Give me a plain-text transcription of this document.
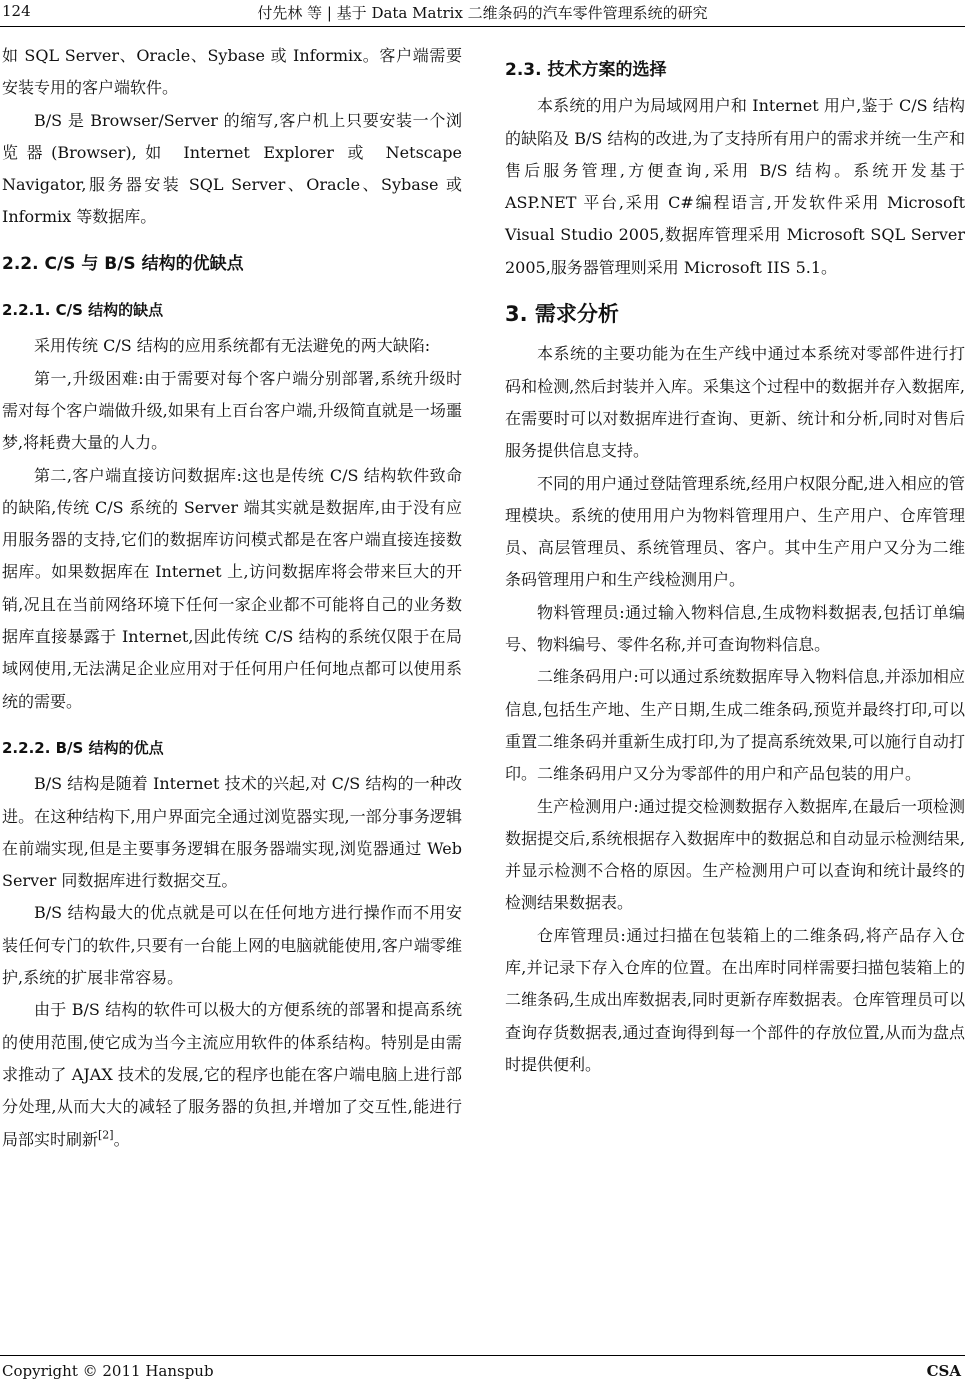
124	付先林 等 | 基于 Data Matrix 二维条码的汽车零件管理系统的研究

如 SQL Server、Oracle、Sybase 或 Informix。客户端需要安装专用的客户端软件。

B/S 是 Browser/Server 的缩写,客户机上只要安装一个浏览器(Browser),如 Internet Explorer 或 Netscape Navigator,服务器安装 SQL Server、Oracle、Sybase 或 Informix 等数据库。

2.2. C/S 与 B/S 结构的优缺点

2.2.1. C/S 结构的缺点

采用传统 C/S 结构的应用系统都有无法避免的两大缺陷:

第一,升级困难:由于需要对每个客户端分别部署,系统升级时需对每个客户端做升级,如果有上百台客户端,升级简直就是一场噩梦,将耗费大量的人力。

第二,客户端直接访问数据库:这也是传统 C/S 结构软件致命的缺陷,传统 C/S 系统的 Server 端其实就是数据库,由于没有应用服务器的支持,它们的数据库访问模式都是在客户端直接连接数据库。如果数据库在 Internet 上,访问数据库将会带来巨大的开销,况且在当前网络环境下任何一家企业都不可能将自己的业务数据库直接暴露于 Internet,因此传统 C/S 结构的系统仅限于在局域网使用,无法满足企业应用对于任何用户任何地点都可以使用系统的需要。

2.2.2. B/S 结构的优点

B/S 结构是随着 Internet 技术的兴起,对 C/S 结构的一种改进。在这种结构下,用户界面完全通过浏览器实现,一部分事务逻辑在前端实现,但是主要事务逻辑在服务器端实现,浏览器通过 Web Server 同数据库进行数据交互。

B/S 结构最大的优点就是可以在任何地方进行操作而不用安装任何专门的软件,只要有一台能上网的电脑就能使用,客户端零维护,系统的扩展非常容易。

由于 B/S 结构的软件可以极大的方便系统的部署和提高系统的使用范围,使它成为当今主流应用软件的体系结构。特别是由需求推动了 AJAX 技术的发展,它的程序也能在客户端电脑上进行部分处理,从而大大的减轻了服务器的负担,并增加了交互性,能进行局部实时刷新[2]。

2.3. 技术方案的选择

本系统的用户为局域网用户和 Internet 用户,鉴于 C/S 结构的缺陷及 B/S 结构的改进,为了支持所有用户的需求并统一生产和售后服务管理,方便查询,采用 B/S 结构。系统开发基于 ASP.NET 平台,采用 C#编程语言,开发软件采用 Microsoft Visual Studio 2005,数据库管理采用 Microsoft SQL Server 2005,服务器管理则采用 Microsoft IIS 5.1。

3. 需求分析

本系统的主要功能为在生产线中通过本系统对零部件进行打码和检测,然后封装并入库。采集这个过程中的数据并存入数据库,在需要时可以对数据库进行查询、更新、统计和分析,同时对售后服务提供信息支持。

不同的用户通过登陆管理系统,经用户权限分配,进入相应的管理模块。系统的使用用户为物料管理用户、生产用户、仓库管理员、高层管理员、系统管理员、客户。其中生产用户又分为二维条码管理用户和生产线检测用户。

物料管理员:通过输入物料信息,生成物料数据表,包括订单编号、物料编号、零件名称,并可查询物料信息。

二维条码用户:可以通过系统数据库导入物料信息,并添加相应信息,包括生产地、生产日期,生成二维条码,预览并最终打印,可以重置二维条码并重新生成打印,为了提高系统效果,可以施行自动打印。二维条码用户又分为零部件的用户和产品包装的用户。

生产检测用户:通过提交检测数据存入数据库,在最后一项检测数据提交后,系统根据存入数据库中的数据总和自动显示检测结果,并显示检测不合格的原因。生产检测用户可以查询和统计最终的检测结果数据表。

仓库管理员:通过扫描在包装箱上的二维条码,将产品存入仓库,并记录下存入仓库的位置。在出库时同样需要扫描包装箱上的二维条码,生成出库数据表,同时更新存库数据表。仓库管理员可以查询存货数据表,通过查询得到每一个部件的存放位置,从而为盘点时提供便利。

Copyright © 2011 Hanspub	CSA
